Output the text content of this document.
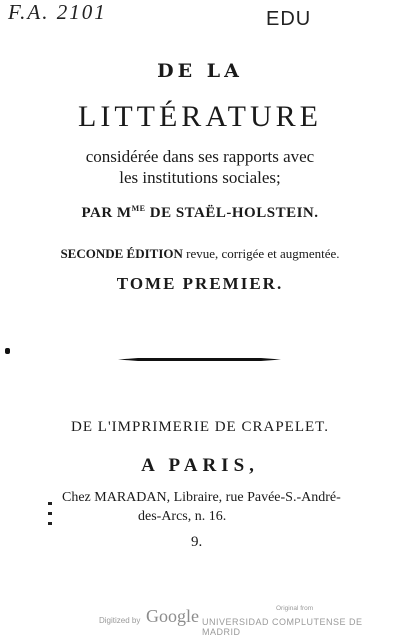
F.A. 2101	EDU
DE LA
LITTÉRATURE
considérée dans ses rapports avec
les institutions sociales;
PAR $M^{ME}$ DE STAËL-HOLSTEIN.
SECONDE ÉDITION revue, corrigée et augmentée.
TOME PREMIER.
DE L'IMPRIMERIE DE CRAPELET.
A PARIS,
Chez MARADAN, Libraire, rue Pavée-S.-André-
des-Arcs, n. 16.
9.
Digitized by Google	Original from
UNIVERSIDAD COMPLUTENSE DE MADRID
